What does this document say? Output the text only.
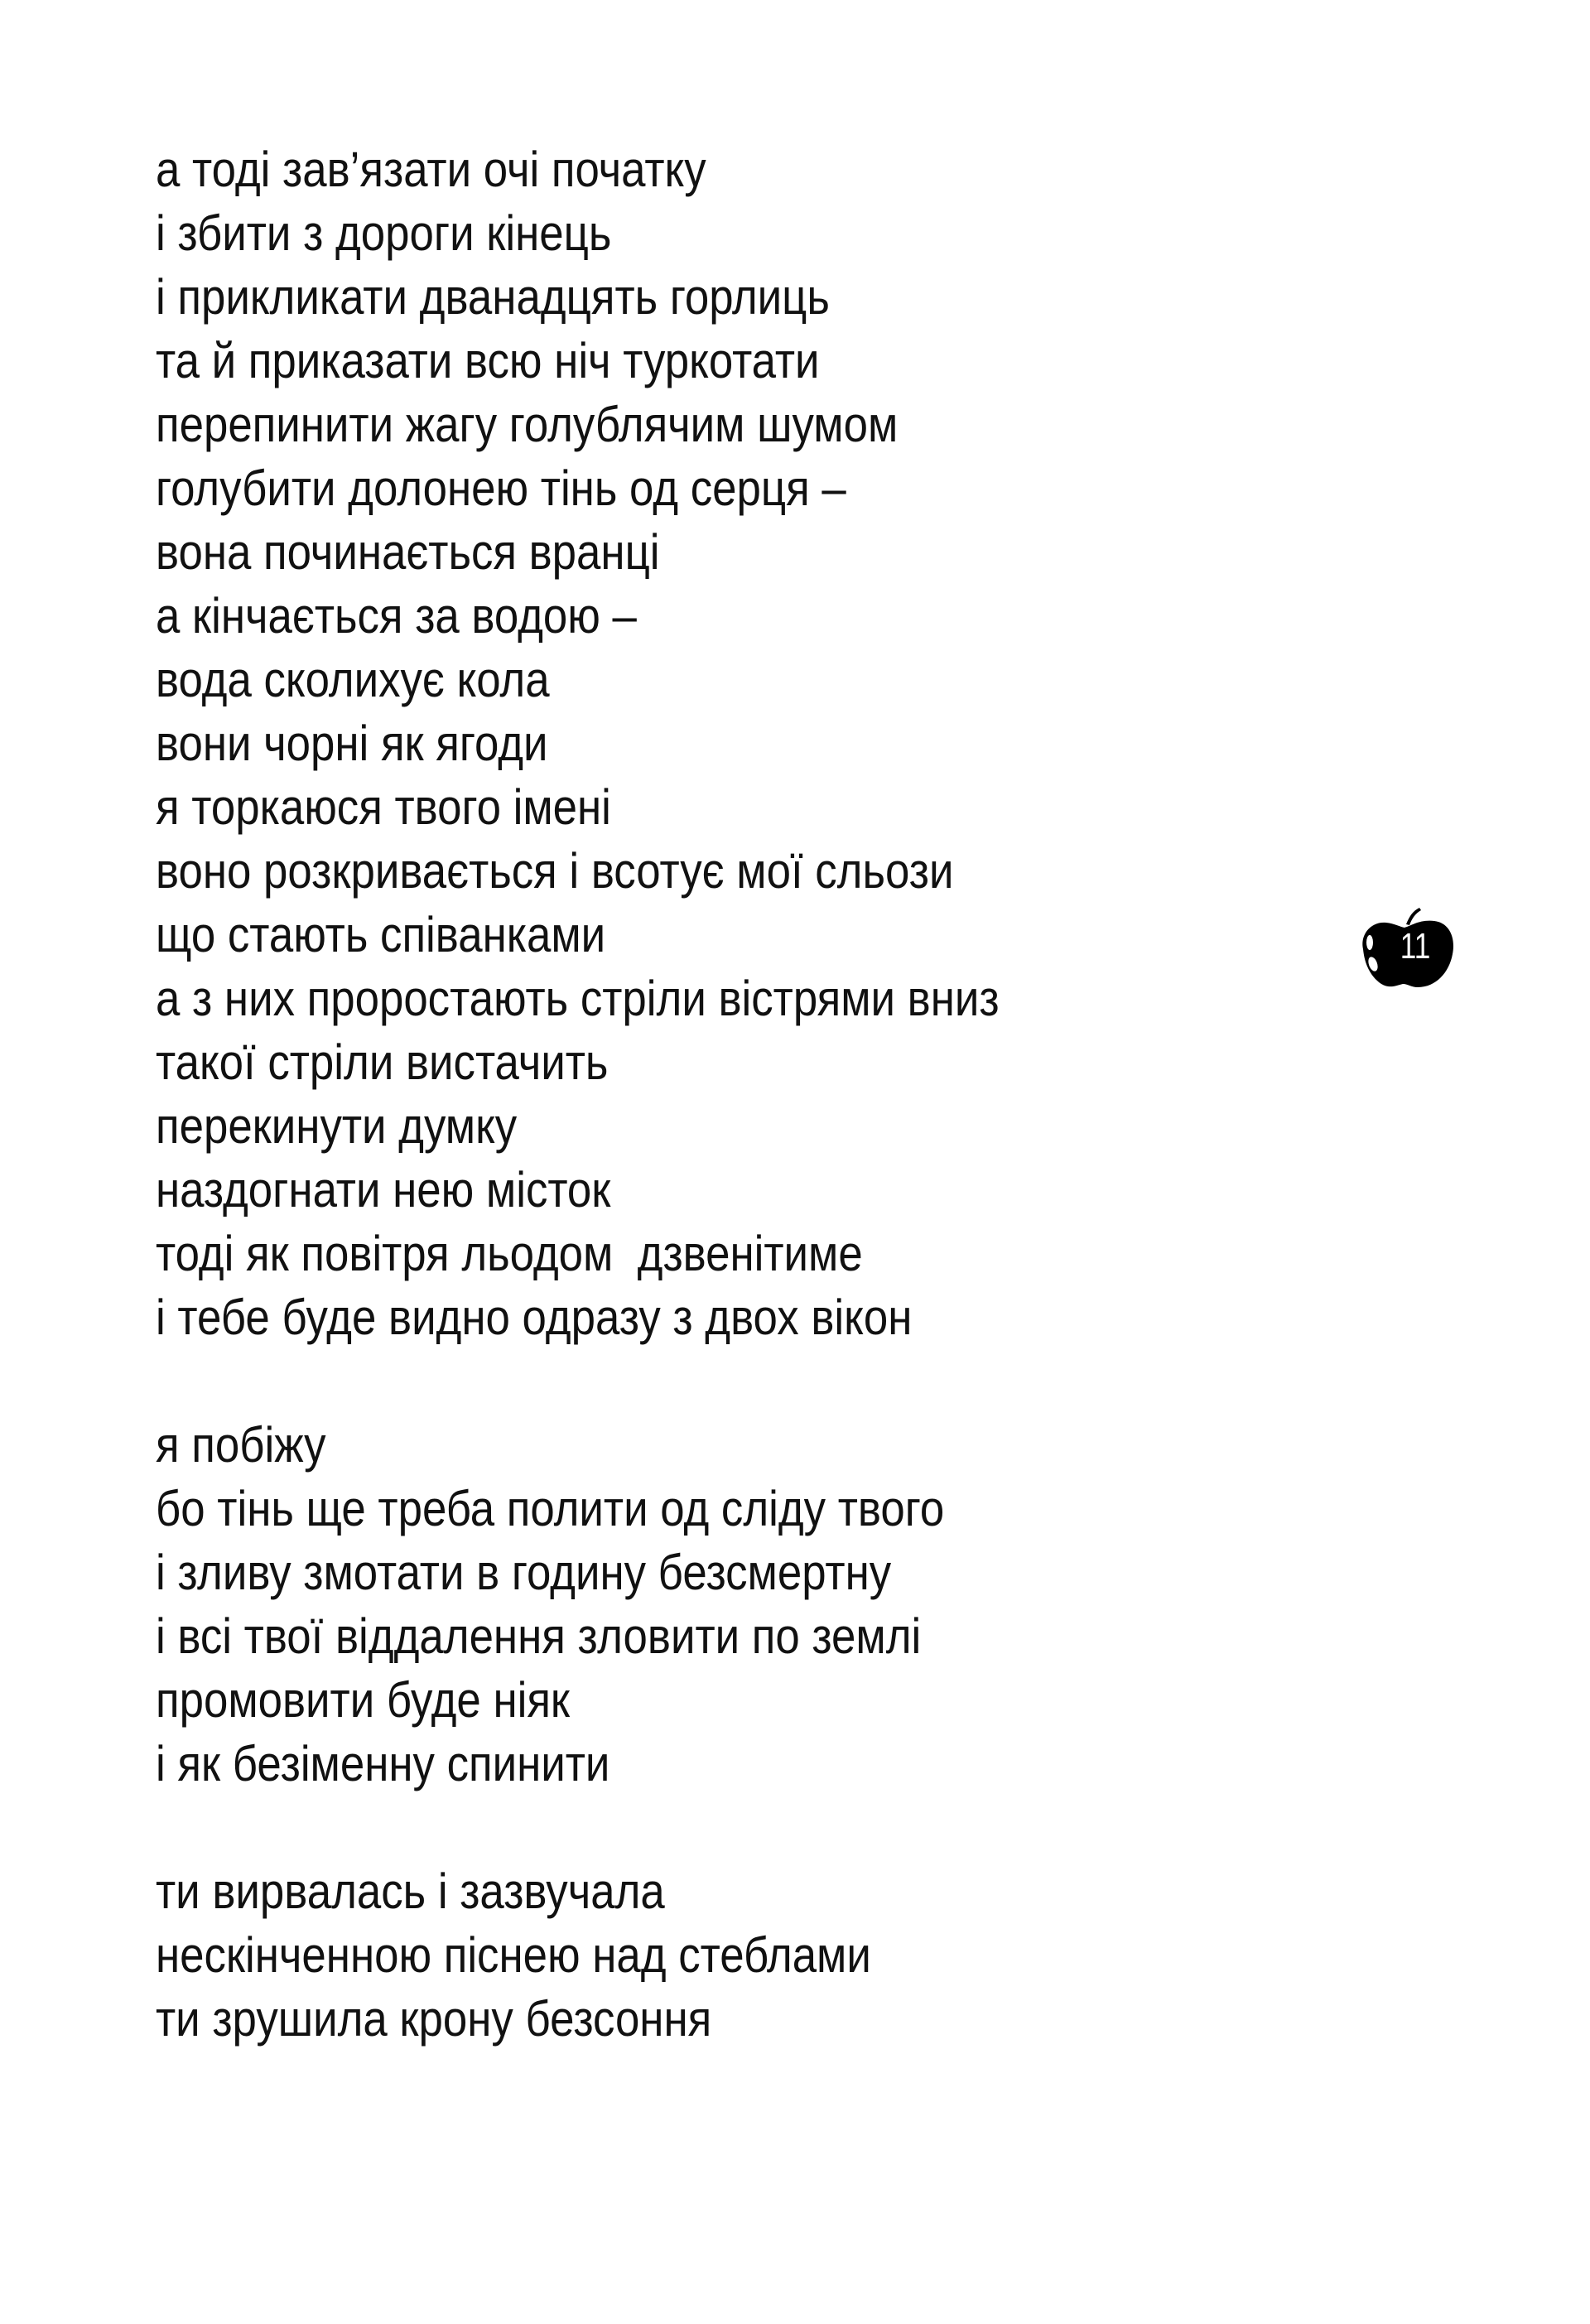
а тоді зав’язати очі початку
і збити з дороги кінець
і прикликати дванадцять горлиць
та й приказати всю ніч туркотати
перепинити жагу голублячим шумом
голубити долонею тінь од серця –
вона починається вранці
а кінчається за водою –
вода сколихує кола
вони чорні як ягоди
я торкаюся твого імені
воно розкривається і всотує мої сльози
що стають співанками
а з них проростають стріли вістрями вниз
такої стріли вистачить
перекинути думку
наздогнати нею місток
тоді як повітря льодом  дзвенітиме
і тебе буде видно одразу з двох вікон
я побіжу
бо тінь ще треба полити од сліду твого
і зливу змотати в годину безсмертну
і всі твої віддалення зловити по землі
промовити буде ніяк
і як безіменну спинити
ти вирвалась і зазвучала
нескінченною піснею над стеблами
ти зрушила крону безсоння
11
